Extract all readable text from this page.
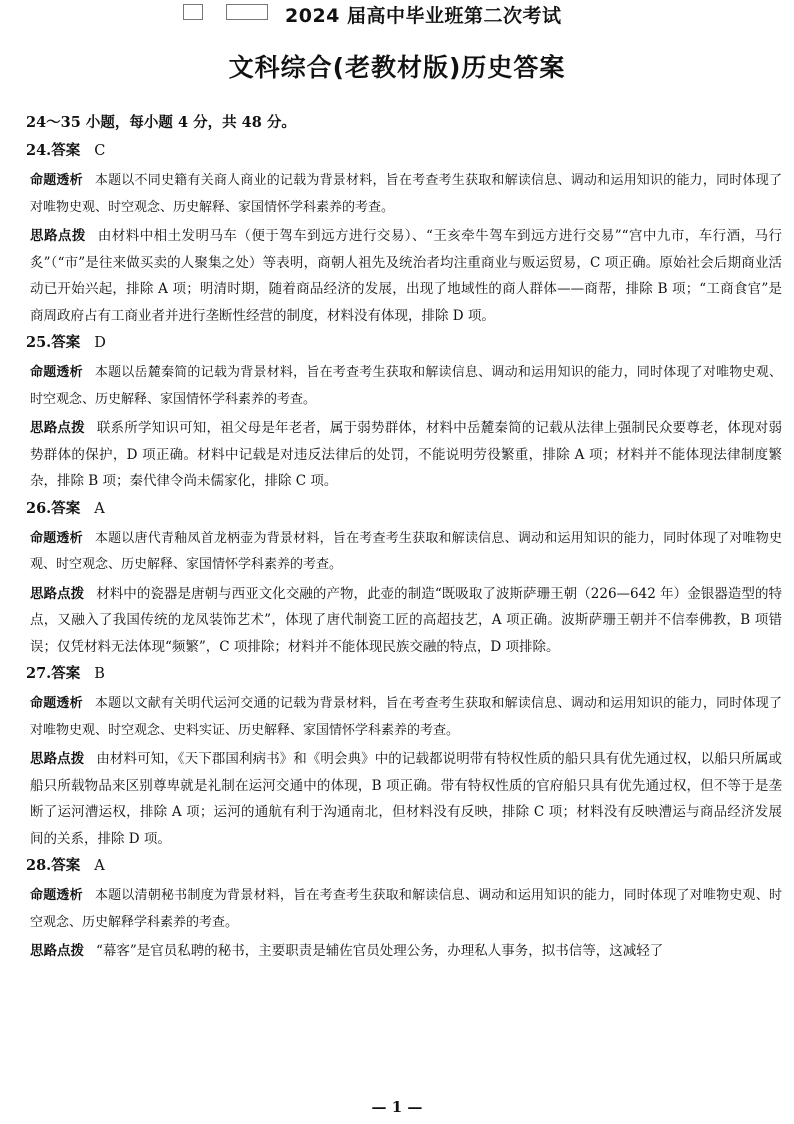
2024 届高中毕业班第二次考试
文科综合(老教材版)历史答案
24～35 小题，每小题 4 分，共 48 分。
24.答案 C

命题透析 本题以不同史籍有关商人商业的记载为背景材料，旨在考查考生获取和解读信息、调动和运用知识的能力，同时体现了对唯物史观、时空观念、历史解释、家国情怀学科素养的考查。

思路点拨 由材料中相土发明马车（便于驾车到远方进行交易）、“王亥牵牛驾车到远方进行交易”“宫中九市，车行酒，马行炙”（“市”是往来做买卖的人聚集之处）等表明，商朝人祖先及统治者均注重商业与贩运贸易，C 项正确。原始社会后期商业活动已开始兴起，排除 A 项；明清时期，随着商品经济的发展，出现了地域性的商人群体——商帮，排除 B 项；“工商食官”是商周政府占有工商业者并进行垄断性经营的制度，材料没有体现，排除 D 项。

25.答案 D

命题透析 本题以岳麓秦简的记载为背景材料，旨在考查考生获取和解读信息、调动和运用知识的能力，同时体现了对唯物史观、时空观念、历史解释、家国情怀学科素养的考查。

思路点拨 联系所学知识可知，祖父母是年老者，属于弱势群体，材料中岳麓秦简的记载从法律上强制民众要尊老，体现对弱势群体的保护，D 项正确。材料中记载是对违反法律后的处罚，不能说明劳役繁重，排除 A 项；材料并不能体现法律制度繁杂，排除 B 项；秦代律令尚未儒家化，排除 C 项。

26.答案 A

命题透析 本题以唐代青釉凤首龙柄壶为背景材料，旨在考查考生获取和解读信息、调动和运用知识的能力，同时体现了对唯物史观、时空观念、历史解释、家国情怀学科素养的考查。

思路点拨 材料中的瓷器是唐朝与西亚文化交融的产物，此壶的制造“既吸取了波斯萨珊王朝（226—642 年）金银器造型的特点，又融入了我国传统的龙凤装饰艺术”，体现了唐代制瓷工匠的高超技艺，A 项正确。波斯萨珊王朝并不信奉佛教，B 项错误；仅凭材料无法体现“频繁”，C 项排除；材料并不能体现民族交融的特点，D 项排除。

27.答案 B

命题透析 本题以文献有关明代运河交通的记载为背景材料，旨在考查考生获取和解读信息、调动和运用知识的能力，同时体现了对唯物史观、时空观念、史料实证、历史解释、家国情怀学科素养的考查。

思路点拨 由材料可知，《天下郡国利病书》和《明会典》中的记载都说明带有特权性质的船只具有优先通过权，以船只所属或船只所载物品来区别尊卑就是礼制在运河交通中的体现，B 项正确。带有特权性质的官府船只具有优先通过权，但不等于是垄断了运河漕运权，排除 A 项；运河的通航有利于沟通南北，但材料没有反映，排除 C 项；材料没有反映漕运与商品经济发展间的关系，排除 D 项。

28.答案 A

命题透析 本题以清朝秘书制度为背景材料，旨在考查考生获取和解读信息、调动和运用知识的能力，同时体现了对唯物史观、时空观念、历史解释学科素养的考查。

思路点拨 “幕客”是官员私聘的秘书，主要职责是辅佐官员处理公务，办理私人事务，拟书信等，这减轻了

— 1 —
